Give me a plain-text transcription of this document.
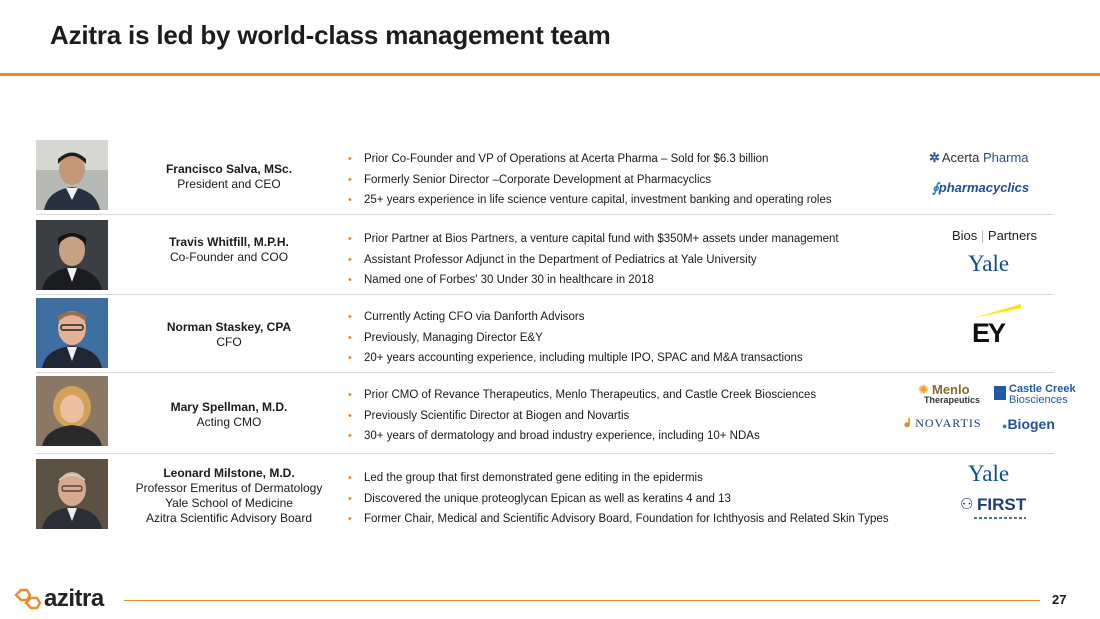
Azitra is led by world-class management team
Francisco Salva, MSc.
President and CEO
• Prior Co-Founder and VP of Operations at Acerta Pharma – Sold for $6.3 billion
• Formerly Senior Director –Corporate Development at Pharmacyclics
• 25+ years experience in life science venture capital, investment banking and operating roles
✲ Acerta Pharma
∮pharmacyclics
Travis Whitfill, M.P.H.
Co-Founder and COO
• Prior Partner at Bios Partners, a venture capital fund with $350M+ assets under management
• Assistant Professor Adjunct in the Department of Pediatrics at Yale University
• Named one of Forbes' 30 Under 30 in healthcare in 2018
Bios | Partners
Yale
Norman Staskey, CPA
CFO
• Currently Acting CFO via Danforth Advisors
• Previously, Managing Director E&Y
• 20+ years accounting experience, including multiple IPO, SPAC and M&A transactions
EY
Mary Spellman, M.D.
Acting CMO
• Prior CMO of Revance Therapeutics, Menlo Therapeutics, and Castle Creek Biosciences
• Previously Scientific Director at Biogen and Novartis
• 30+ years of dermatology and broad industry experience, including 10+ NDAs
✺ Menlo
Therapeutics
Castle Creek
Biosciences
ᖱ NOVARTIS ●Biogen
Leonard Milstone, M.D.
Professor Emeritus of Dermatology
Yale School of Medicine
Azitra Scientific Advisory Board
• Led the group that first demonstrated gene editing in the epidermis
• Discovered the unique proteoglycan Epican as well as keratins 4 and 13
• Former Chair, Medical and Scientific Advisory Board, Foundation for Ichthyosis and Related Skin Types
Yale
⚇ FIRST
azitra	27
